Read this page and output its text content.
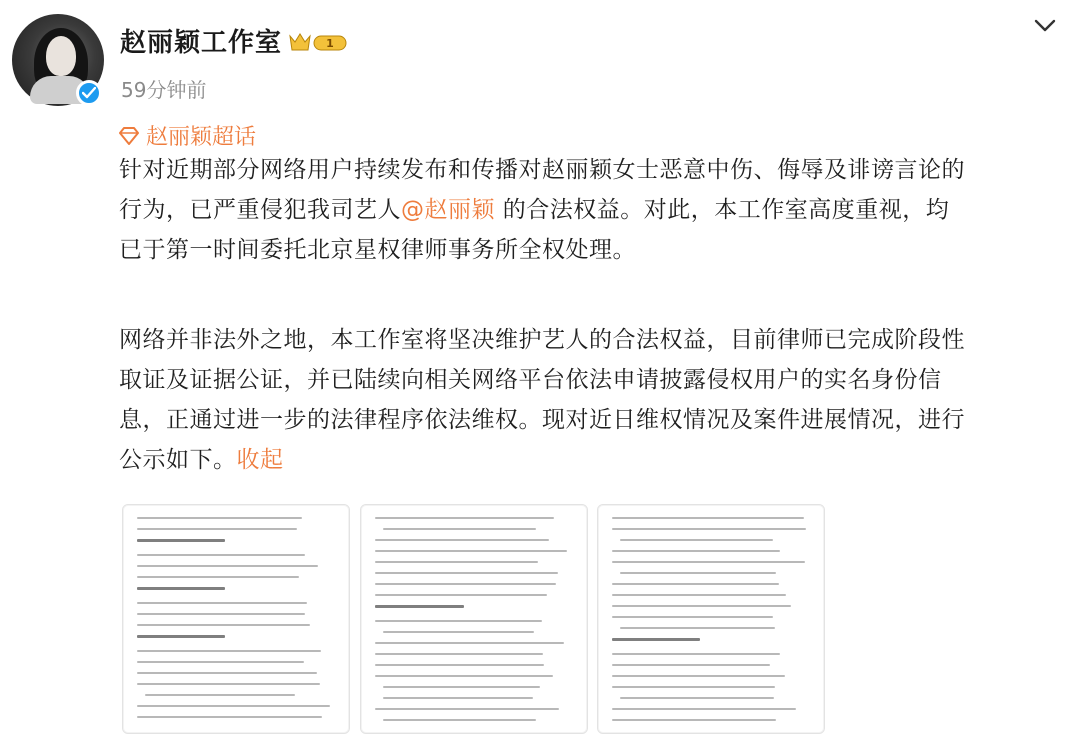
赵丽颖工作室	1
59分钟前
赵丽颖超话
针对近期部分网络用户持续发布和传播对赵丽颖女士恶意中伤、侮辱及诽谤言论的
行为，已严重侵犯我司艺人@赵丽颖 的合法权益。对此，本工作室高度重视，均
已于第一时间委托北京星权律师事务所全权处理。
网络并非法外之地，本工作室将坚决维护艺人的合法权益，目前律师已完成阶段性
取证及证据公证，并已陆续向相关网络平台依法申请披露侵权用户的实名身份信
息，正通过进一步的法律程序依法维权。现对近日维权情况及案件进展情况，进行
公示如下。收起
